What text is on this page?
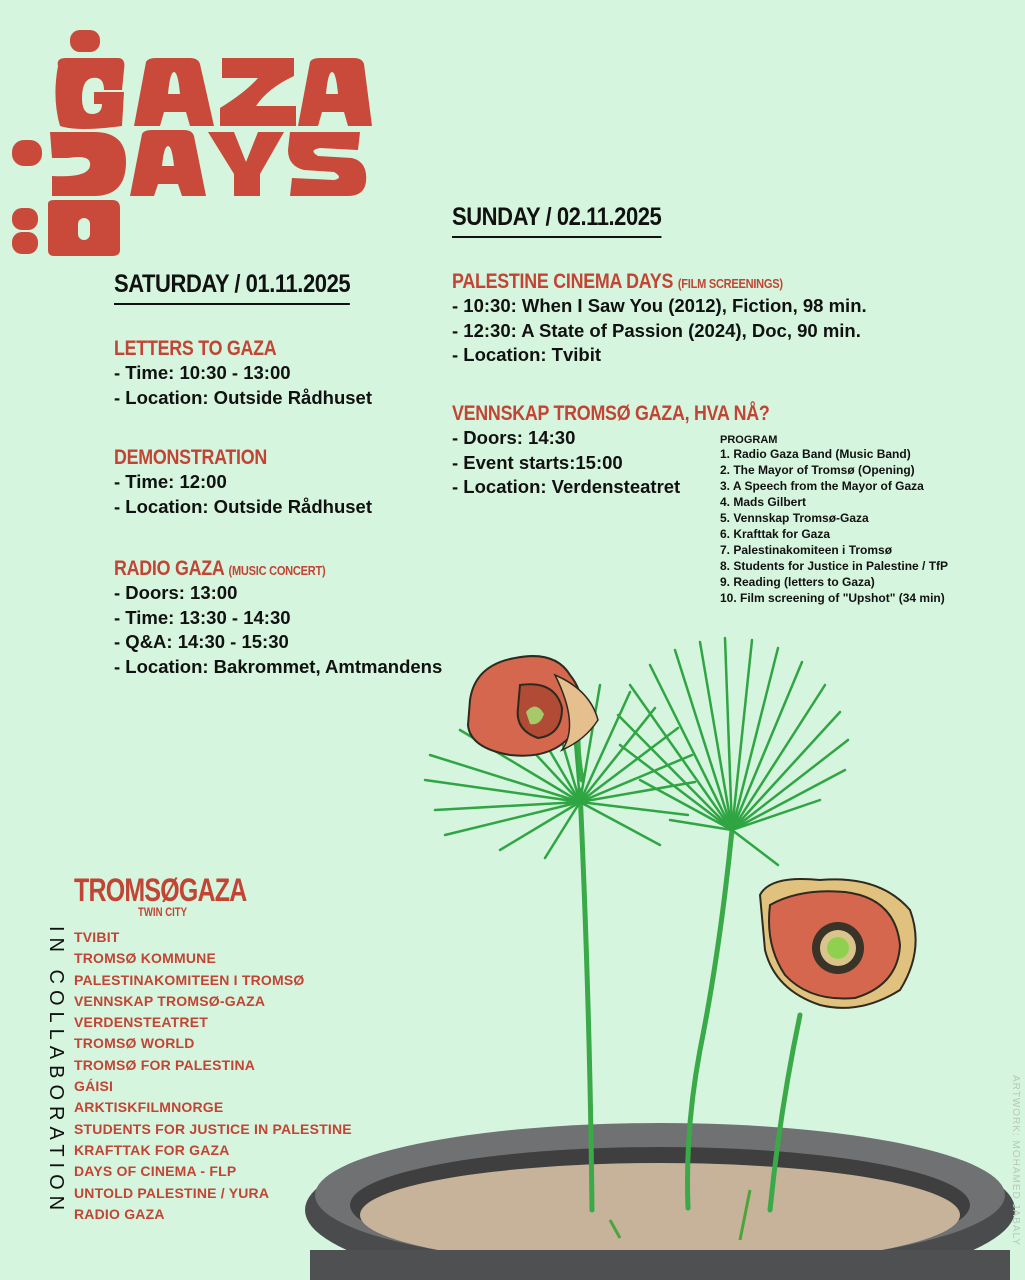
SATURDAY / 01.11.2025
LETTERS TO GAZA
- Time: 10:30 - 13:00
- Location: Outside Rådhuset
DEMONSTRATION
- Time: 12:00
- Location: Outside Rådhuset
RADIO GAZA (MUSIC CONCERT)
- Doors: 13:00
- Time: 13:30 - 14:30
- Q&A: 14:30 - 15:30
- Location: Bakrommet, Amtmandens
SUNDAY / 02.11.2025
PALESTINE CINEMA DAYS (FILM SCREENINGS)
- 10:30: When I Saw You (2012), Fiction, 98 min.
- 12:30: A State of Passion (2024), Doc, 90 min.
- Location: Tvibit
VENNSKAP TROMSØ GAZA, HVA NÅ?
- Doors: 14:30
- Event starts:15:00
- Location: Verdensteatret
PROGRAM
1. Radio Gaza Band (Music Band)
2. The Mayor of Tromsø (Opening)
3. A Speech from the Mayor of Gaza
4. Mads Gilbert
5. Vennskap Tromsø-Gaza
6. Krafttak for Gaza
7. Palestinakomiteen i Tromsø
8. Students for Justice in Palestine / TfP
9. Reading (letters to Gaza)
10. Film screening of "Upshot" (34 min)
TROMSØGAZA
TWIN CITY
IN COLLABORATION TVIBIT
TROMSØ KOMMUNE
PALESTINAKOMITEEN I TROMSØ
VENNSKAP TROMSØ-GAZA
VERDENSTEATRET
TROMSØ WORLD
TROMSØ FOR PALESTINA
GÁISI
ARKTISKFILMNORGE
STUDENTS FOR JUSTICE IN PALESTINE
KRAFTTAK FOR GAZA
DAYS OF CINEMA - FLP
UNTOLD PALESTINE / YURA
RADIO GAZA	ARTWORK: MOHAMED JABALY
